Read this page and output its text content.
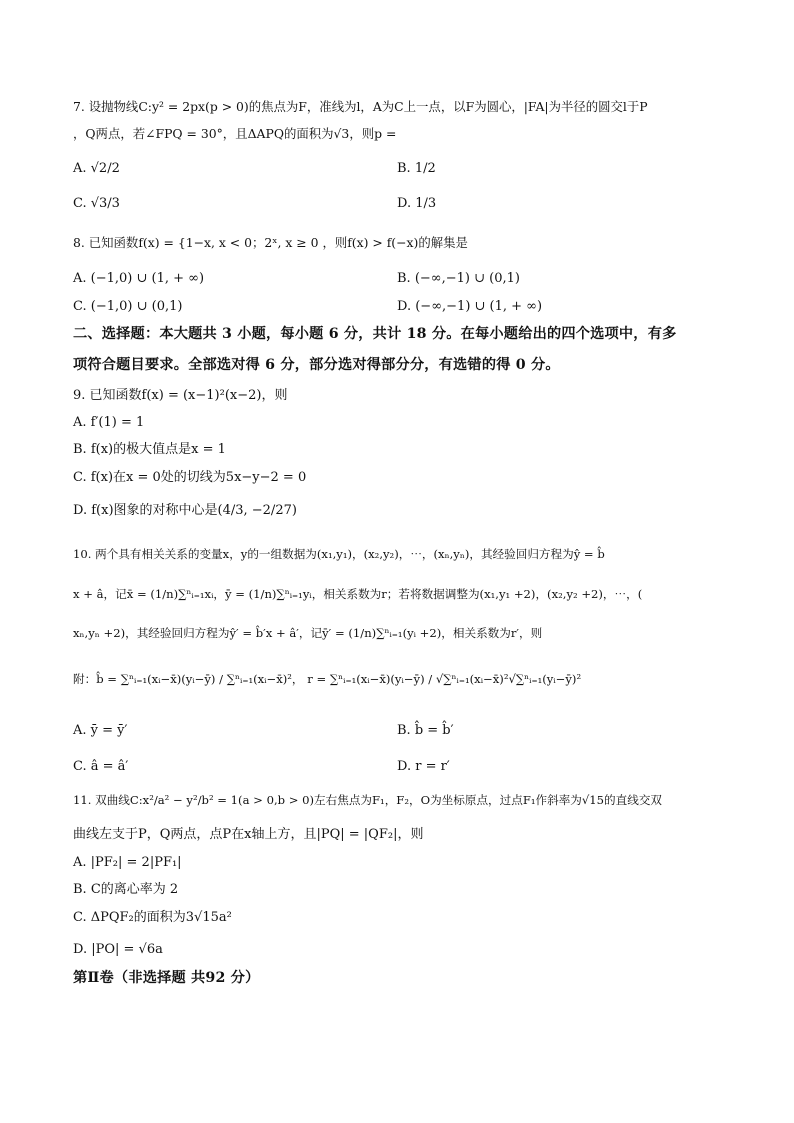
7. 设抛物线C:y² = 2px(p > 0)的焦点为F，准线为l，A为C上一点，以F为圆心，|FA|为半径的圆交l于P
，Q两点，若∠FPQ = 30°，且ΔAPQ的面积为√3，则p =
A. √2/2	B. 1/2
C. √3/3	D. 1/3
8. 已知函数f(x) = {1−x, x < 0；2ˣ, x ≥ 0 ，则f(x) > f(−x)的解集是
A. (−1,0) ∪ (1, + ∞)	B. (−∞,−1) ∪ (0,1)
C. (−1,0) ∪ (0,1)	D. (−∞,−1) ∪ (1, + ∞)
二、选择题：本大题共 3 小题，每小题 6 分，共计 18 分。在每小题给出的四个选项中，有多
项符合题目要求。全部选对得 6 分，部分选对得部分分，有选错的得 0 分。
9. 已知函数f(x) = (x−1)²(x−2)，则
A. f′(1) = 1
B. f(x)的极大值点是x = 1
C. f(x)在x = 0处的切线为5x−y−2 = 0
D. f(x)图象的对称中心是(4/3, −2/27)
10. 两个具有相关关系的变量x，y的一组数据为(x₁,y₁)，(x₂,y₂)，⋯，(xₙ,yₙ)，其经验回归方程为ŷ = b̂
x + â，记x̄ = (1/n)∑ⁿᵢ₌₁xᵢ，ȳ = (1/n)∑ⁿᵢ₌₁yᵢ，相关系数为r；若将数据调整为(x₁,y₁ +2)，(x₂,y₂ +2)，⋯，(
xₙ,yₙ +2)，其经验回归方程为ŷ′ = b̂′x + â′，记ȳ′ = (1/n)∑ⁿᵢ₌₁(yᵢ +2)，相关系数为r′，则
附：b̂ = ∑ⁿᵢ₌₁(xᵢ−x̄)(yᵢ−ȳ) / ∑ⁿᵢ₌₁(xᵢ−x̄)²， r = ∑ⁿᵢ₌₁(xᵢ−x̄)(yᵢ−ȳ) / √∑ⁿᵢ₌₁(xᵢ−x̄)²√∑ⁿᵢ₌₁(yᵢ−ȳ)²
A. ȳ = ȳ′	B. b̂ = b̂′
C. â = â′	D. r = r′
11. 双曲线C:x²/a² − y²/b² = 1(a > 0,b > 0)左右焦点为F₁，F₂，O为坐标原点，过点F₁作斜率为√15的直线交双
曲线左支于P，Q两点，点P在x轴上方，且|PQ| = |QF₂|，则
A. |PF₂| = 2|PF₁|
B. C的离心率为 2
C. ΔPQF₂的面积为3√15a²
D. |PO| = √6a
第Ⅱ卷（非选择题 共92 分）
